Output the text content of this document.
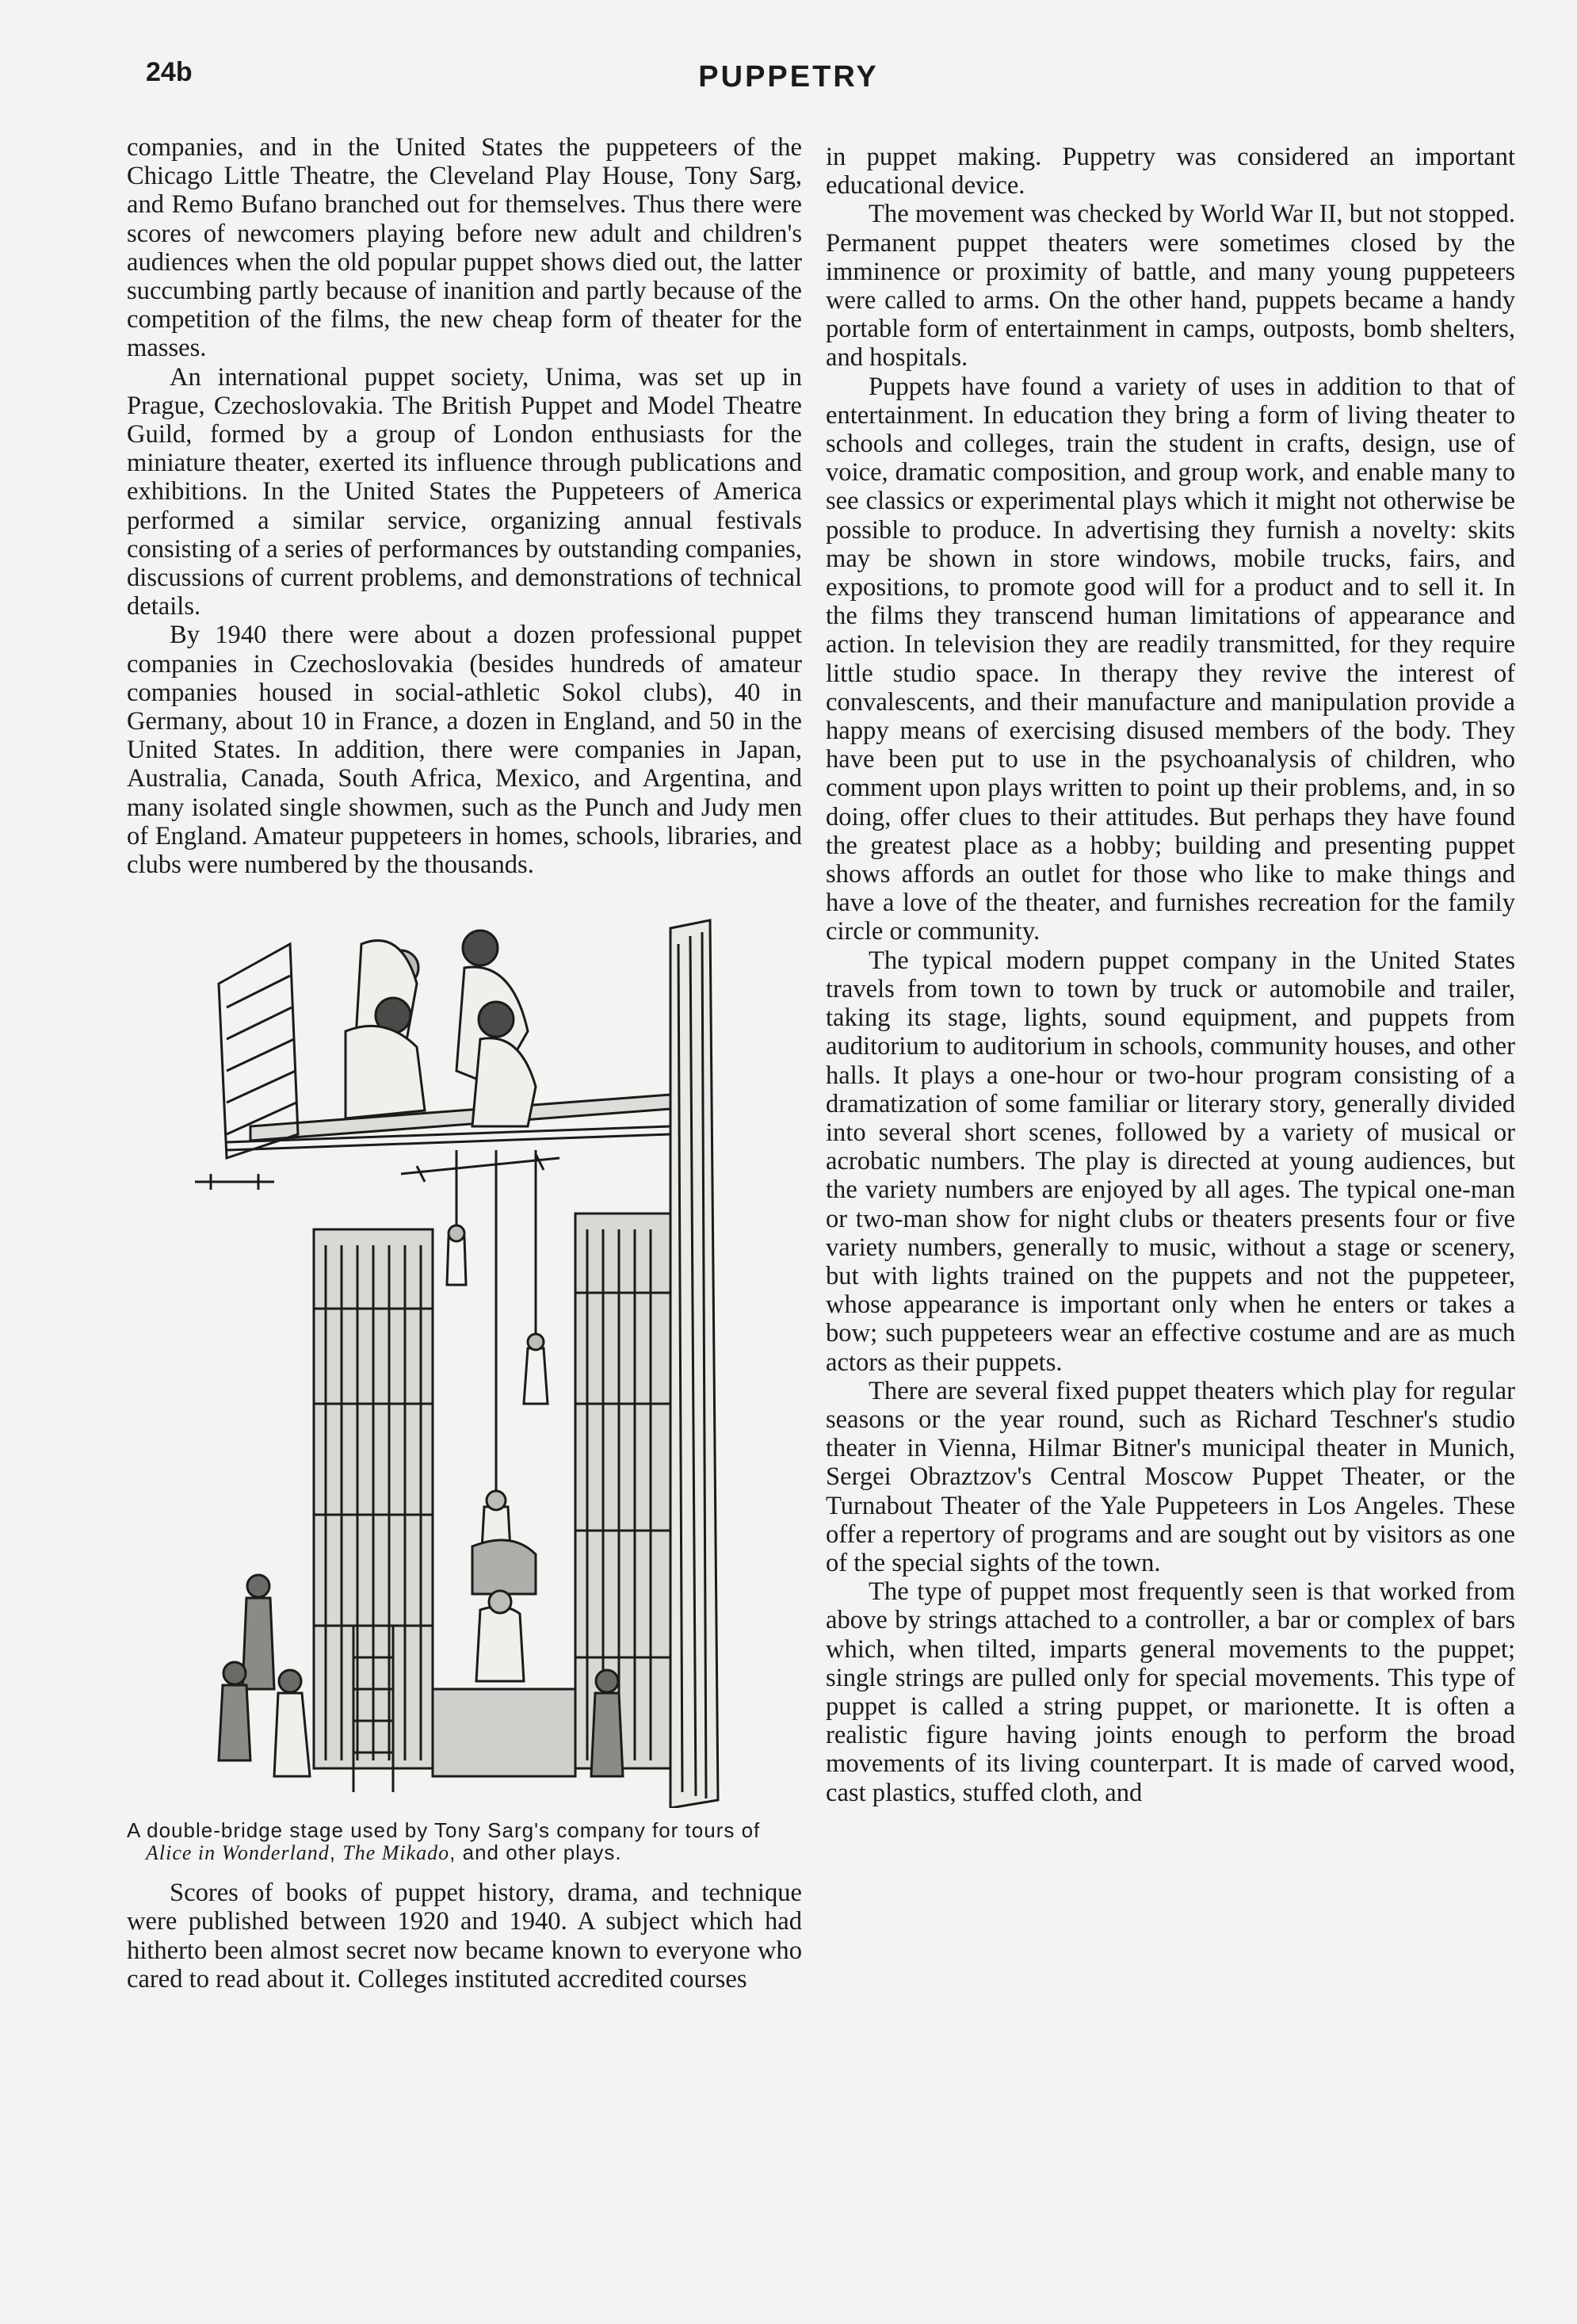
24b	PUPPETRY

companies, and in the United States the puppeteers of the Chicago Little Theatre, the Cleveland Play House, Tony Sarg, and Remo Bufano branched out for themselves. Thus there were scores of newcomers playing before new adult and children's audiences when the old popular puppet shows died out, the latter succumbing partly because of inanition and partly because of the competition of the films, the new cheap form of theater for the masses.

An international puppet society, Unima, was set up in Prague, Czechoslovakia. The British Puppet and Model Theatre Guild, formed by a group of London enthusiasts for the miniature theater, exerted its influence through publications and exhibitions. In the United States the Puppeteers of America performed a similar service, organizing annual festivals consisting of a series of performances by outstanding companies, discussions of current problems, and demonstrations of technical details.

By 1940 there were about a dozen professional puppet companies in Czechoslovakia (besides hundreds of amateur companies housed in social-athletic Sokol clubs), 40 in Germany, about 10 in France, a dozen in England, and 50 in the United States. In addition, there were companies in Japan, Australia, Canada, South Africa, Mexico, and Argentina, and many isolated single showmen, such as the Punch and Judy men of England. Amateur puppeteers in homes, schools, libraries, and clubs were numbered by the thousands.

A double-bridge stage used by Tony Sarg's company for tours of Alice in Wonderland, The Mikado, and other plays.

Scores of books of puppet history, drama, and technique were published between 1920 and 1940. A subject which had hitherto been almost secret now became known to everyone who cared to read about it. Colleges instituted accredited courses

in puppet making. Puppetry was considered an important educational device.

The movement was checked by World War II, but not stopped. Permanent puppet theaters were sometimes closed by the imminence or proximity of battle, and many young puppeteers were called to arms. On the other hand, puppets became a handy portable form of entertainment in camps, outposts, bomb shelters, and hospitals.

Puppets have found a variety of uses in addition to that of entertainment. In education they bring a form of living theater to schools and colleges, train the student in crafts, design, use of voice, dramatic composition, and group work, and enable many to see classics or experimental plays which it might not otherwise be possible to produce. In advertising they furnish a novelty: skits may be shown in store windows, mobile trucks, fairs, and expositions, to promote good will for a product and to sell it. In the films they transcend human limitations of appearance and action. In television they are readily transmitted, for they require little studio space. In therapy they revive the interest of convalescents, and their manufacture and manipulation provide a happy means of exercising disused members of the body. They have been put to use in the psychoanalysis of children, who comment upon plays written to point up their problems, and, in so doing, offer clues to their attitudes. But perhaps they have found the greatest place as a hobby; building and presenting puppet shows affords an outlet for those who like to make things and have a love of the theater, and furnishes recreation for the family circle or community.

The typical modern puppet company in the United States travels from town to town by truck or automobile and trailer, taking its stage, lights, sound equipment, and puppets from auditorium to auditorium in schools, community houses, and other halls. It plays a one-hour or two-hour program consisting of a dramatization of some familiar or literary story, generally divided into several short scenes, followed by a variety of musical or acrobatic numbers. The play is directed at young audiences, but the variety numbers are enjoyed by all ages. The typical one-man or two-man show for night clubs or theaters presents four or five variety numbers, generally to music, without a stage or scenery, but with lights trained on the puppets and not the puppeteer, whose appearance is important only when he enters or takes a bow; such puppeteers wear an effective costume and are as much actors as their puppets.

There are several fixed puppet theaters which play for regular seasons or the year round, such as Richard Teschner's studio theater in Vienna, Hilmar Bitner's municipal theater in Munich, Sergei Obraztzov's Central Moscow Puppet Theater, or the Turnabout Theater of the Yale Puppeteers in Los Angeles. These offer a repertory of programs and are sought out by visitors as one of the special sights of the town.

The type of puppet most frequently seen is that worked from above by strings attached to a controller, a bar or complex of bars which, when tilted, imparts general movements to the puppet; single strings are pulled only for special movements. This type of puppet is called a string puppet, or marionette. It is often a realistic figure having joints enough to perform the broad movements of its living counterpart. It is made of carved wood, cast plastics, stuffed cloth, and
